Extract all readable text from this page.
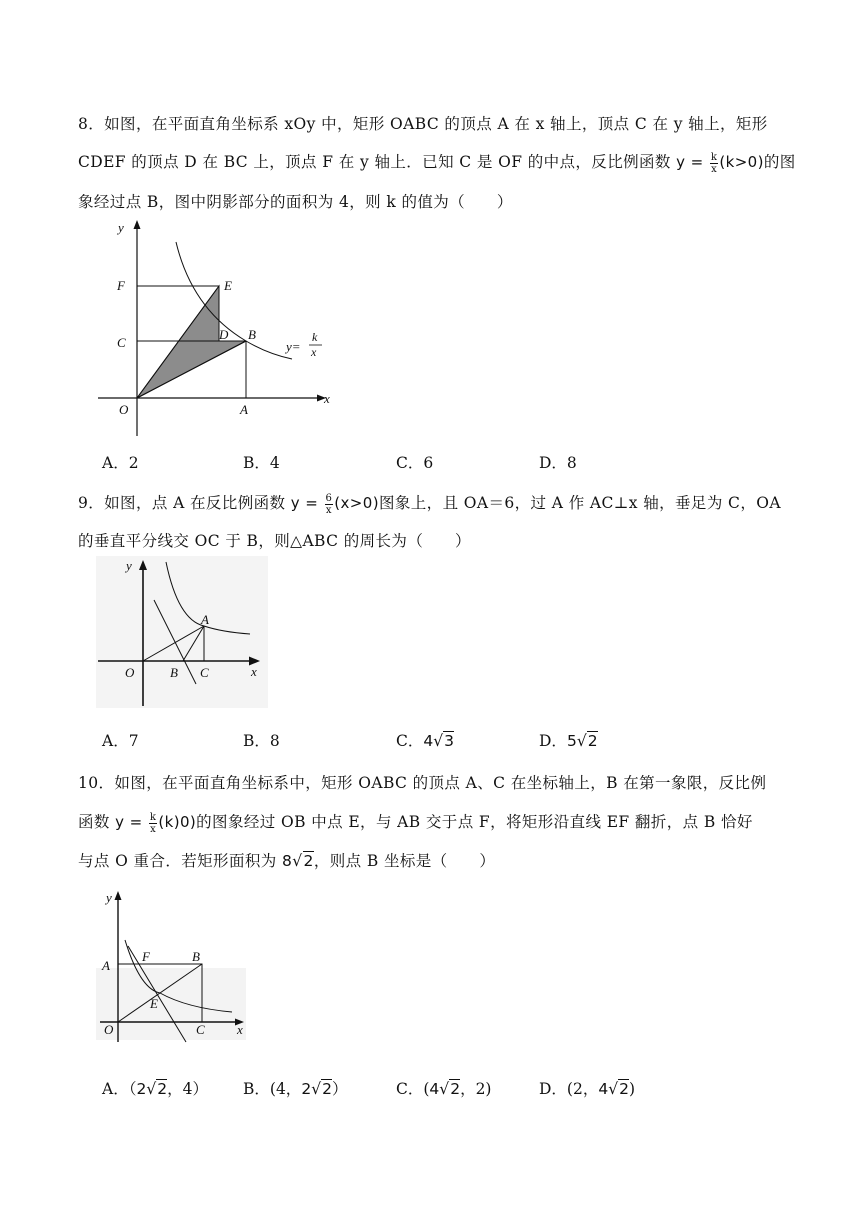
8．如图，在平面直角坐标系 xOy 中，矩形 OABC 的顶点 A 在 x 轴上，顶点 C 在 y 轴上，矩形
CDEF 的顶点 D 在 BC 上，顶点 F 在 y 轴上．已知 C 是 OF 的中点，反比例函数 $y = \frac{k}{x} (k>0)$的图
象经过点 B，图中阴影部分的面积为 4，则 k 的值为（　　）
y
F	E
C
D B
y=
k
x
O	A
x
A．2	B．4	C．6	D．8
9．如图，点 A 在反比例函数 $y = \frac{6}{x} (x>0)$图象上，且 OA＝6，过 A 作 AC⊥x 轴，垂足为 C，OA
的垂直平分线交 OC 于 B，则△ABC 的周长为（　　）
y
A
O	B C	x
A．7	B．8	C．4√3	D．5√2
10．如图，在平面直角坐标系中，矩形 OABC 的顶点 A、C 在坐标轴上，B 在第一象限，反比例
函数 $y = \frac{k}{x} (k)0$)的图象经过 OB 中点 E，与 AB 交于点 F，将矩形沿直线 EF 翻折，点 B 恰好
与点 O 重合．若矩形面积为 8√2，则点 B 坐标是（　　）
y
A
F	B
E
O	C x
A．（2√2，4） B．(4，2√2）	C．(4√2，2)	D．(2，4√2)
